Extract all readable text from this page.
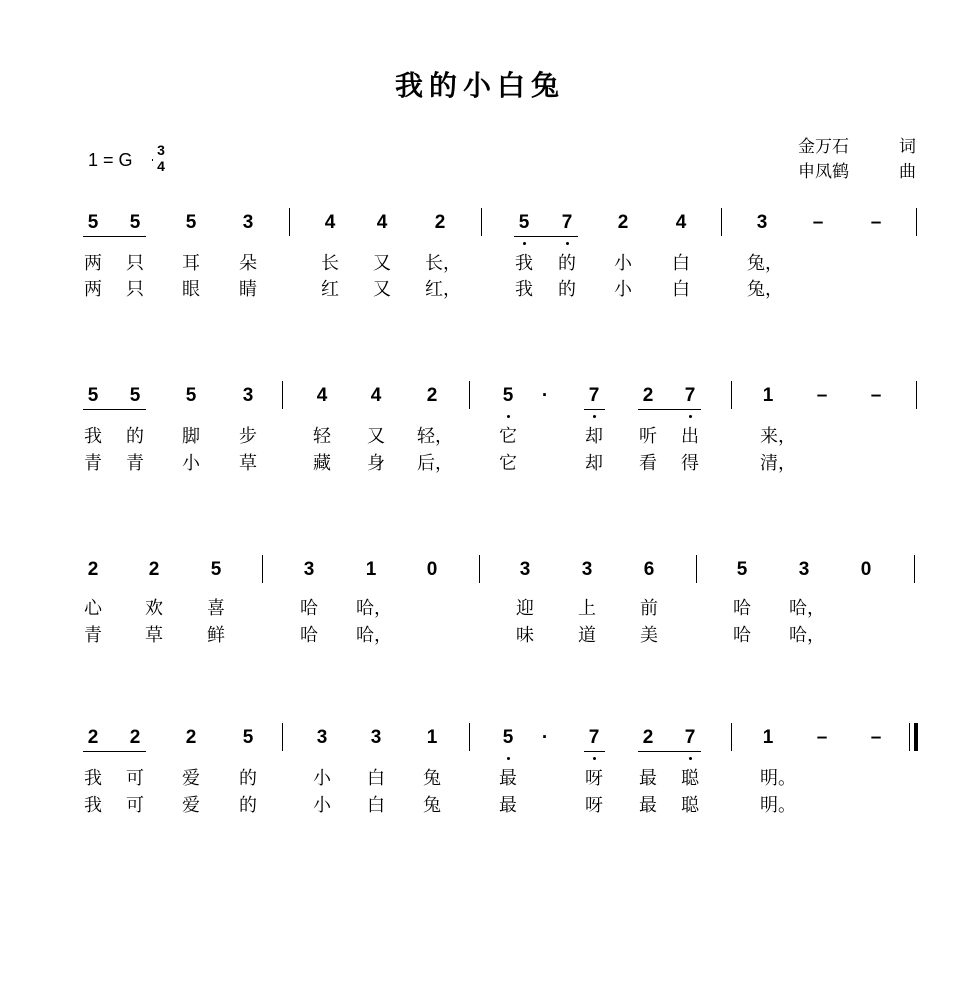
我的小白兔
1 = G	3
4
金万石	词
申凤鹤	曲
5	5	5	3	4	4	2	5	7	2	4	3	–	–
两	只	耳	朵	长	又	长，	我	的	小	白	兔，
两	只	眼	睛	红	又	红，	我	的	小	白	兔，
5	5	5	3	4	4	2	5	·	7	2	7	1	–	–
我	的	脚	步	轻	又	轻，	它	却	听	出	来，
青	青	小	草	藏	身	后，	它	却	看	得	清，
2	2	5	3	1	0	3	3	6	5	3	0
心	欢	喜	哈	哈，	迎	上	前	哈	哈，
青	草	鲜	哈	哈，	味	道	美	哈	哈，
2	2	2	5	3	3	1	5	·	7	2	7	1	–	–
我	可	爱	的	小	白	兔	最	呀	最	聪	明。
我	可	爱	的	小	白	兔	最	呀	最	聪	明。
